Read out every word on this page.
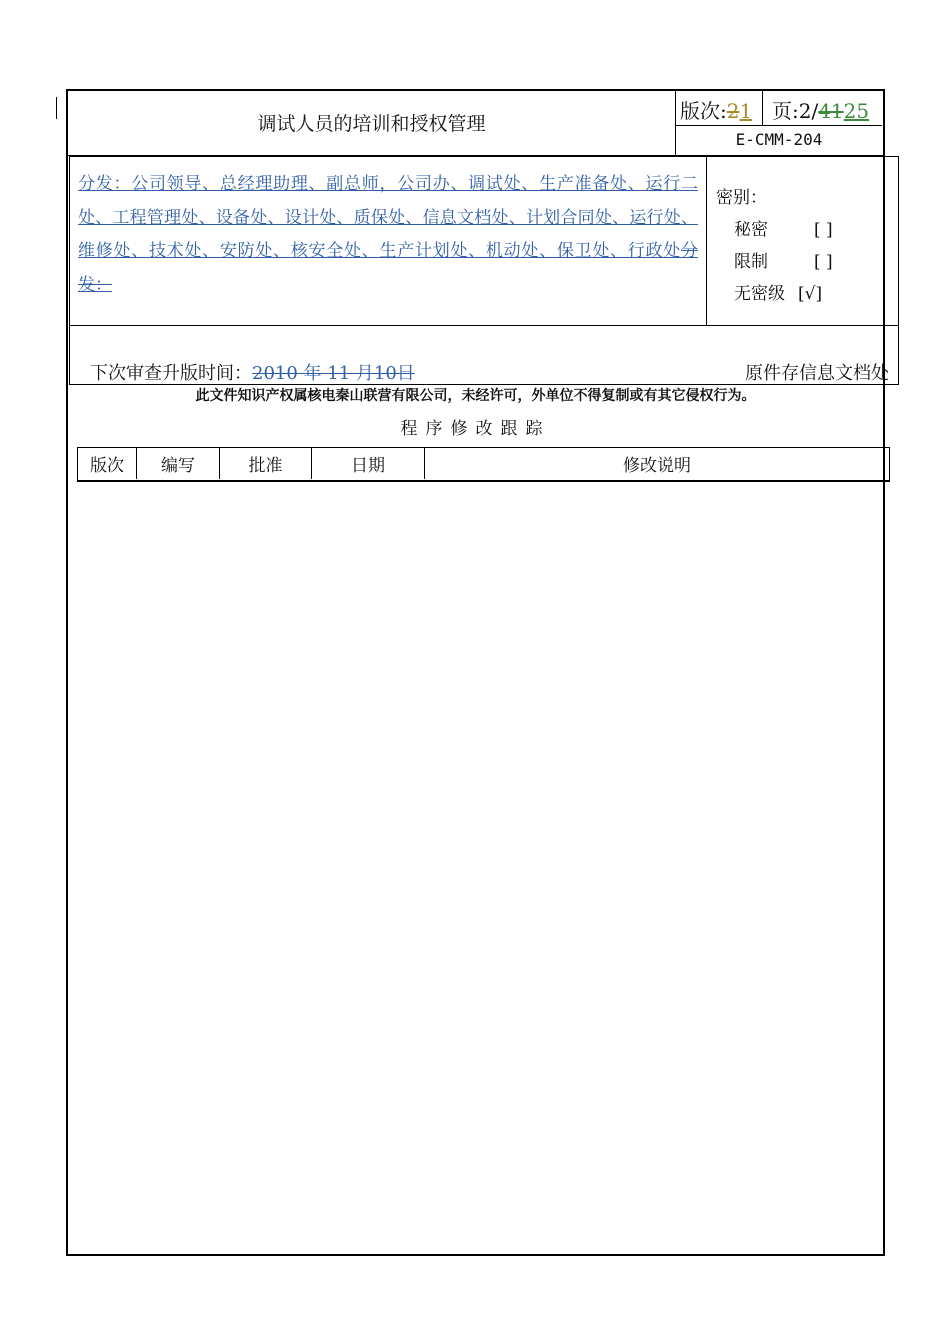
调试人员的培训和授权管理
版次:21 页:2/4125
E-CMM-204
分发：公司领导、总经理助理、副总师，公司办、调试处、生产准备处、运行二处、工程管理处、设备处、设计处、质保处、信息文档处、计划合同处、运行处、维修处、技术处、安防处、核安全处、生产计划处、机动处、保卫处、行政处分发：
密别：
秘密	[ ]
限制	[ ]
无密级 [√]
下次审查升版时间：2010 年 11 月10日	原件存信息文档处
此文件知识产权属核电秦山联营有限公司，未经许可，外单位不得复制或有其它侵权行为。
程序修改跟踪
版次	编写	批准	日期	修改说明
